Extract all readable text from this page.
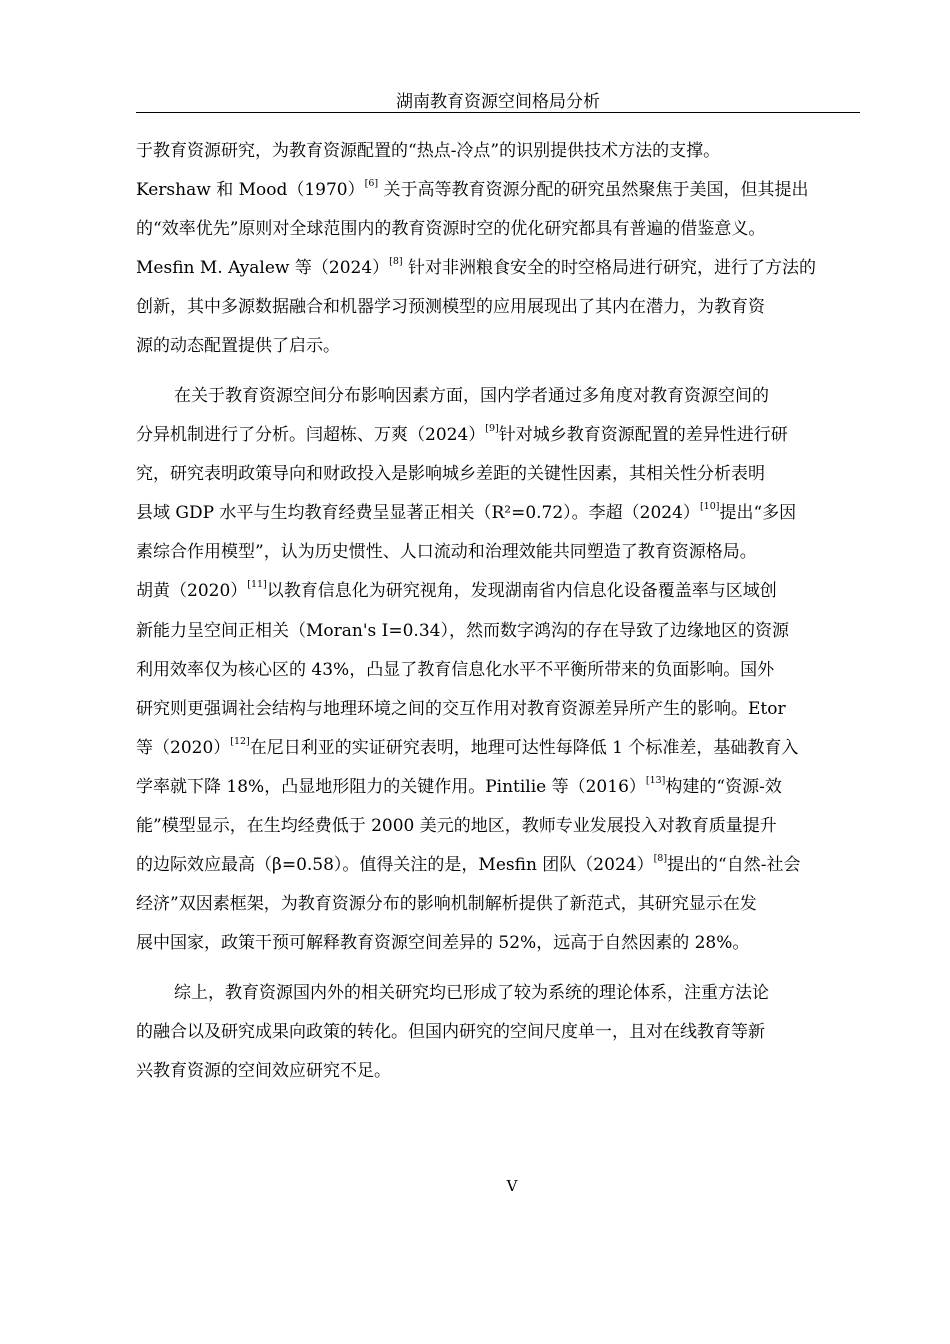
湖南教育资源空间格局分析
于教育资源研究，为教育资源配置的“热点-冷点”的识别提供技术方法的支撑。
Kershaw 和 Mood（1970）[6] 关于高等教育资源分配的研究虽然聚焦于美国，但其提出
的“效率优先”原则对全球范围内的教育资源时空的优化研究都具有普遍的借鉴意义。
Mesfin M. Ayalew 等（2024）[8] 针对非洲粮食安全的时空格局进行研究，进行了方法的
创新，其中多源数据融合和机器学习预测模型的应用展现出了其内在潜力，为教育资
源的动态配置提供了启示。
在关于教育资源空间分布影响因素方面，国内学者通过多角度对教育资源空间的
分异机制进行了分析。闫超栋、万爽（2024）[9]针对城乡教育资源配置的差异性进行研
究，研究表明政策导向和财政投入是影响城乡差距的关键性因素，其相关性分析表明
县域 GDP 水平与生均教育经费呈显著正相关（R²=0.72）。李超（2024）[10]提出“多因
素综合作用模型”，认为历史惯性、人口流动和治理效能共同塑造了教育资源格局。
胡黄（2020）[11]以教育信息化为研究视角，发现湖南省内信息化设备覆盖率与区域创
新能力呈空间正相关（Moran's I=0.34），然而数字鸿沟的存在导致了边缘地区的资源
利用效率仅为核心区的 43%，凸显了教育信息化水平不平衡所带来的负面影响。国外
研究则更强调社会结构与地理环境之间的交互作用对教育资源差异所产生的影响。Etor
等（2020）[12]在尼日利亚的实证研究表明，地理可达性每降低 1 个标准差，基础教育入
学率就下降 18%，凸显地形阻力的关键作用。Pintilie 等（2016）[13]构建的“资源-效
能”模型显示，在生均经费低于 2000 美元的地区，教师专业发展投入对教育质量提升
的边际效应最高（β=0.58）。值得关注的是，Mesfin 团队（2024）[8]提出的“自然-社会
经济”双因素框架，为教育资源分布的影响机制解析提供了新范式，其研究显示在发
展中国家，政策干预可解释教育资源空间差异的 52%，远高于自然因素的 28%。
综上，教育资源国内外的相关研究均已形成了较为系统的理论体系，注重方法论
的融合以及研究成果向政策的转化。但国内研究的空间尺度单一，且对在线教育等新
兴教育资源的空间效应研究不足。
V
